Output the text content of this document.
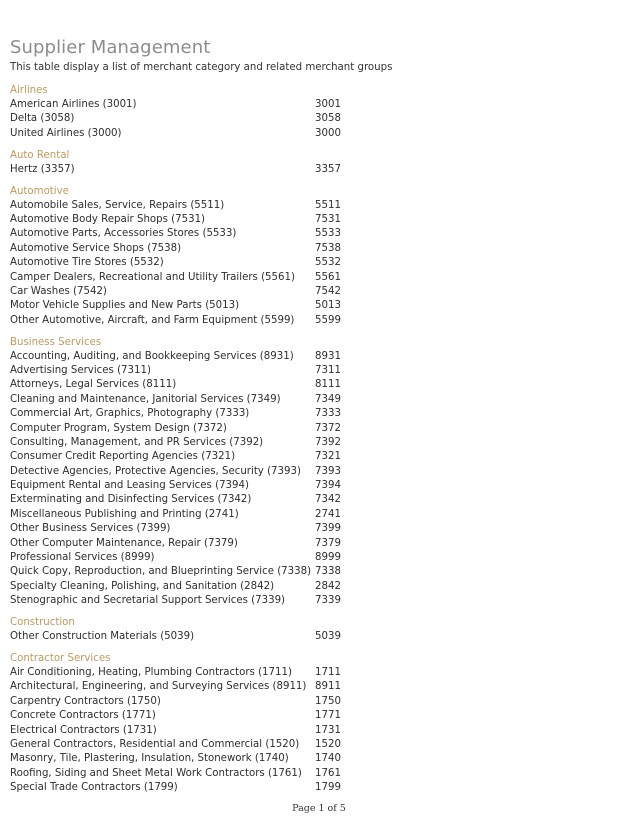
Supplier Management
This table display a list of merchant category and related merchant groups
Airlines
American Airlines (3001)	3001
Delta (3058)	3058
United Airlines (3000)	3000
Auto Rental
Hertz (3357)	3357
Automotive
Automobile Sales, Service, Repairs (5511)	5511
Automotive Body Repair Shops (7531)	7531
Automotive Parts, Accessories Stores (5533)	5533
Automotive Service Shops (7538)	7538
Automotive Tire Stores (5532)	5532
Camper Dealers, Recreational and Utility Trailers (5561) 5561
Car Washes (7542)	7542
Motor Vehicle Supplies and New Parts (5013)	5013
Other Automotive, Aircraft, and Farm Equipment (5599) 5599
Business Services
Accounting, Auditing, and Bookkeeping Services (8931) 8931
Advertising Services (7311)	7311
Attorneys, Legal Services (8111)	8111
Cleaning and Maintenance, Janitorial Services (7349)	7349
Commercial Art, Graphics, Photography (7333)	7333
Computer Program, System Design (7372)	7372
Consulting, Management, and PR Services (7392)	7392
Consumer Credit Reporting Agencies (7321)	7321
Detective Agencies, Protective Agencies, Security (7393) 7393
Equipment Rental and Leasing Services (7394)	7394
Exterminating and Disinfecting Services (7342)	7342
Miscellaneous Publishing and Printing (2741)	2741
Other Business Services (7399)	7399
Other Computer Maintenance, Repair (7379)	7379
Professional Services (8999)	8999
Quick Copy, Reproduction, and Blueprinting Service (7338) 7338
Specialty Cleaning, Polishing, and Sanitation (2842)	2842
Stenographic and Secretarial Support Services (7339)	7339
Construction
Other Construction Materials (5039)	5039
Contractor Services
Air Conditioning, Heating, Plumbing Contractors (1711) 1711
Architectural, Engineering, and Surveying Services (8911) 8911
Carpentry Contractors (1750)	1750
Concrete Contractors (1771)	1771
Electrical Contractors (1731)	1731
General Contractors, Residential and Commercial (1520) 1520
Masonry, Tile, Plastering, Insulation, Stonework (1740)	1740
Roofing, Siding and Sheet Metal Work Contractors (1761) 1761
Special Trade Contractors (1799)	1799
Page 1 of 5
